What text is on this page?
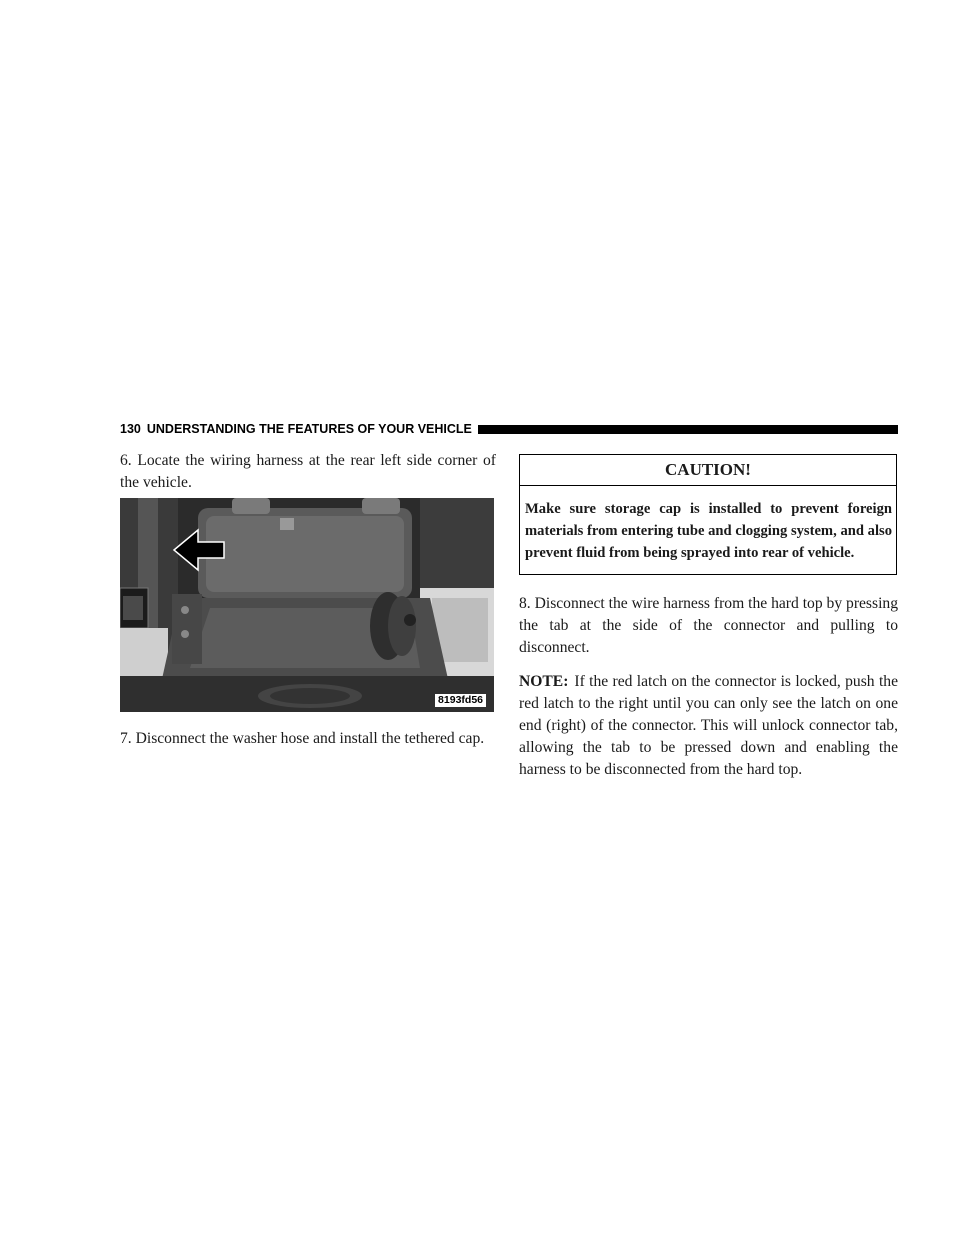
130 UNDERSTANDING THE FEATURES OF YOUR VEHICLE

6. Locate the wiring harness at the rear left side corner of the vehicle.

8193fd56

7. Disconnect the washer hose and install the tethered cap.

CAUTION!
Make sure storage cap is installed to prevent foreign materials from entering tube and clogging system, and also prevent fluid from being sprayed into rear of vehicle.

8. Disconnect the wire harness from the hard top by pressing the tab at the side of the connector and pulling to disconnect.

NOTE: If the red latch on the connector is locked, push the red latch to the right until you can only see the latch on one end (right) of the connector. This will unlock connector tab, allowing the tab to be pressed down and enabling the harness to be disconnected from the hard top.
